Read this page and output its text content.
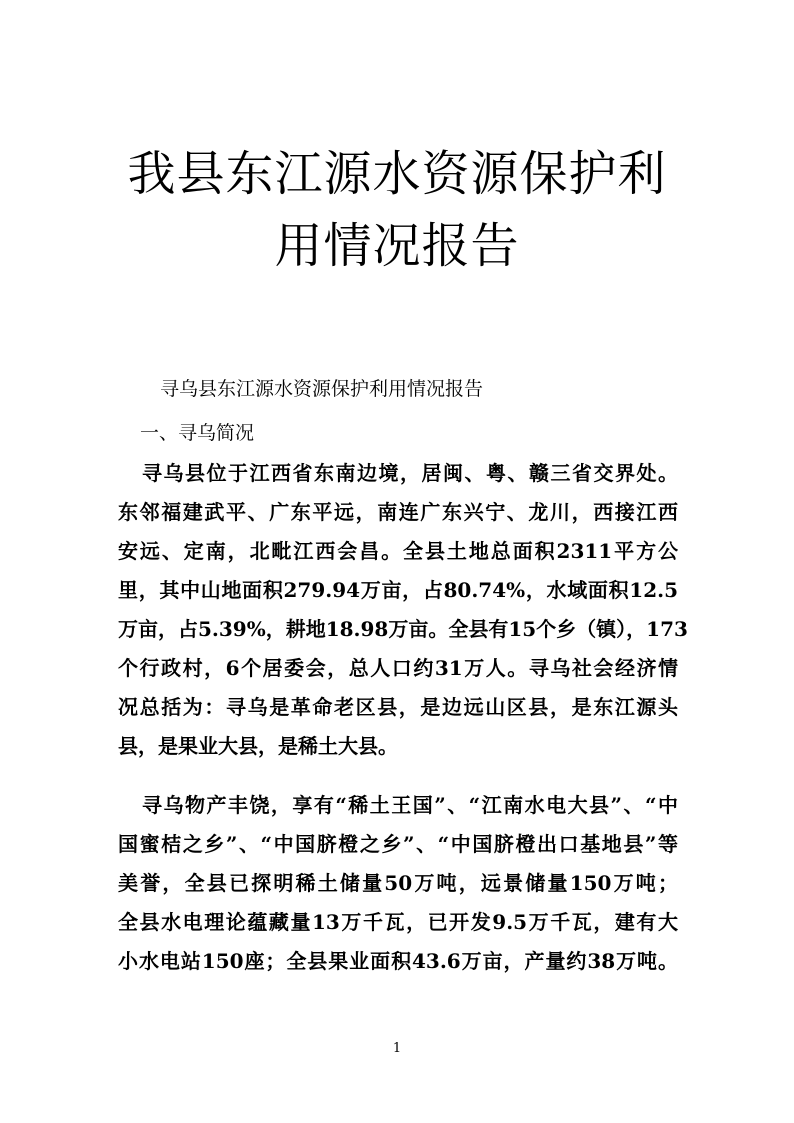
我县东江源水资源保护利
用情况报告

寻乌县东江源水资源保护利用情况报告

一、寻乌简况

寻乌县位于江西省东南边境，居闽、粤、赣三省交界处。
东邻福建武平、广东平远，南连广东兴宁、龙川，西接江西
安远、定南，北毗江西会昌。全县土地总面积2311平方公
里，其中山地面积279.94万亩，占80.74%，水域面积12.5
万亩，占5.39%，耕地18.98万亩。全县有15个乡（镇），173
个行政村，6个居委会，总人口约31万人。寻乌社会经济情
况总括为：寻乌是革命老区县，是边远山区县，是东江源头
县，是果业大县，是稀土大县。
寻乌物产丰饶，享有“稀土王国”、“江南水电大县”、“中
国蜜桔之乡”、“中国脐橙之乡”、“中国脐橙出口基地县”等
美誉，全县已探明稀土储量50万吨，远景储量150万吨；
全县水电理论蕴藏量13万千瓦，已开发9.5万千瓦，建有大
小水电站150座；全县果业面积43.6万亩，产量约38万吨。

1
